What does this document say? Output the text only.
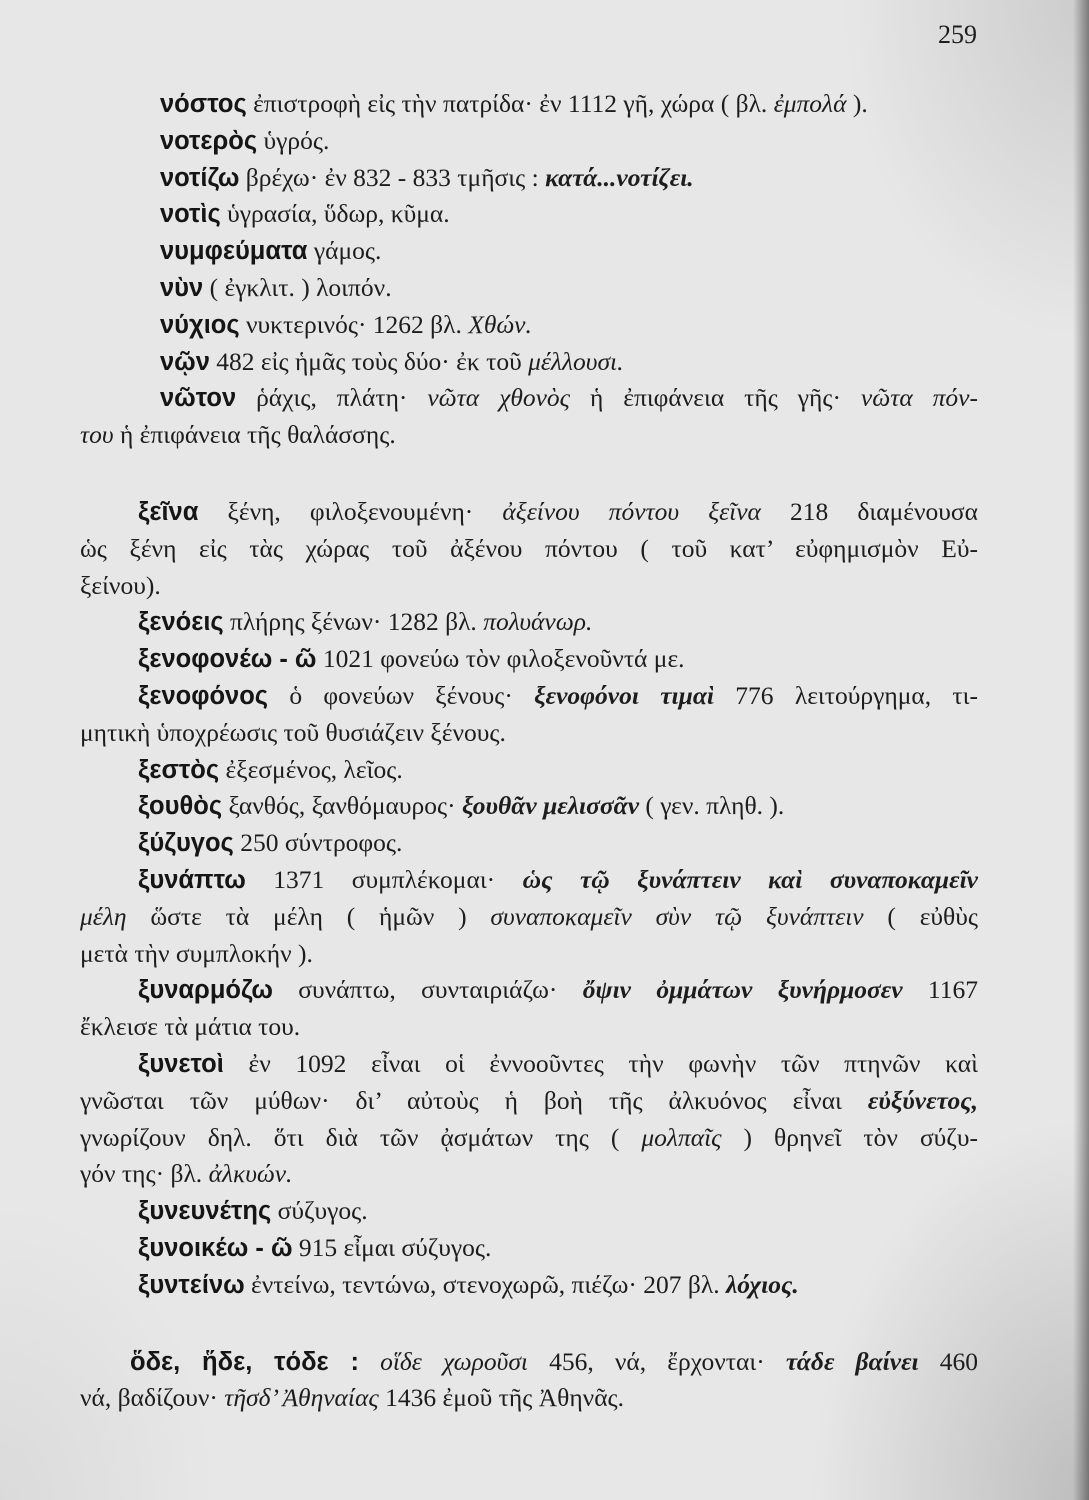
259
νόστος ἐπιστροφὴ εἰς τὴν πατρίδα· ἐν 1112 γῆ, χώρα ( βλ. ἐμπολά ).
νοτερὸς ὑγρός.
νοτίζω βρέχω· ἐν 832 - 833 τμῆσις : κατά...νοτίζει.
νοτὶς ὑγρασία, ὕδωρ, κῦμα.
νυμφεύματα γάμος.
νὺν ( ἐγκλιτ. ) λοιπόν.
νύχιος νυκτερινός· 1262 βλ. Χθών.
νῷν 482 εἰς ἡμᾶς τοὺς δύο· ἐκ τοῦ μέλλουσι.
νῶτον ῥάχις, πλάτη· νῶτα χθονὸς ἡ ἐπιφάνεια τῆς γῆς· νῶτα πόν-
του ἡ ἐπιφάνεια τῆς θαλάσσης.
ξεῖνα ξένη, φιλοξενουμένη· ἀξείνου πόντου ξεῖνα 218 διαμένουσα
ὡς ξένη εἰς τὰς χώρας τοῦ ἀξένου πόντου ( τοῦ κατ’ εὐφημισμὸν Εὐ-
ξείνου).
ξενόεις πλήρης ξένων· 1282 βλ. πολυάνωρ.
ξενοφονέω - ῶ 1021 φονεύω τὸν φιλοξενοῦντά με.
ξενοφόνος ὁ φονεύων ξένους· ξενοφόνοι τιμαὶ 776 λειτούργημα, τι-
μητικὴ ὑποχρέωσις τοῦ θυσιάζειν ξένους.
ξεστὸς ἐξεσμένος, λεῖος.
ξουθὸς ξανθός, ξανθόμαυρος· ξουθᾶν μελισσᾶν ( γεν. πληθ. ).
ξύζυγος 250 σύντροφος.
ξυνάπτω 1371 συμπλέκομαι· ὡς τῷ ξυνάπτειν καὶ συναποκαμεῖν
μέλη ὥστε τὰ μέλη ( ἡμῶν ) συναποκαμεῖν σὺν τῷ ξυνάπτειν ( εὐθὺς
μετὰ τὴν συμπλοκήν ).
ξυναρμόζω συνάπτω, συνταιριάζω· ὄψιν ὀμμάτων ξυνήρμοσεν 1167
ἔκλεισε τὰ μάτια του.
ξυνετοὶ ἐν 1092 εἶναι οἱ ἐννοοῦντες τὴν φωνὴν τῶν πτηνῶν καὶ
γνῶσται τῶν μύθων· δι’ αὐτοὺς ἡ βοὴ τῆς ἀλκυόνος εἶναι εὐξύνετος,
γνωρίζουν δηλ. ὅτι διὰ τῶν ᾀσμάτων της ( μολπαῖς ) θρηνεῖ τὸν σύζυ-
γόν της· βλ. ἀλκυών.
ξυνευνέτης σύζυγος.
ξυνοικέω - ῶ 915 εἶμαι σύζυγος.
ξυντείνω ἐντείνω, τεντώνω, στενοχωρῶ, πιέζω· 207 βλ. λόχιος.
ὅδε, ἥδε, τόδε : οἵδε χωροῦσι 456, νά, ἔρχονται· τάδε βαίνει 460
νά, βαδίζουν· τῆσδ’ Ἀθηναίας 1436 ἐμοῦ τῆς Ἀθηνᾶς.
